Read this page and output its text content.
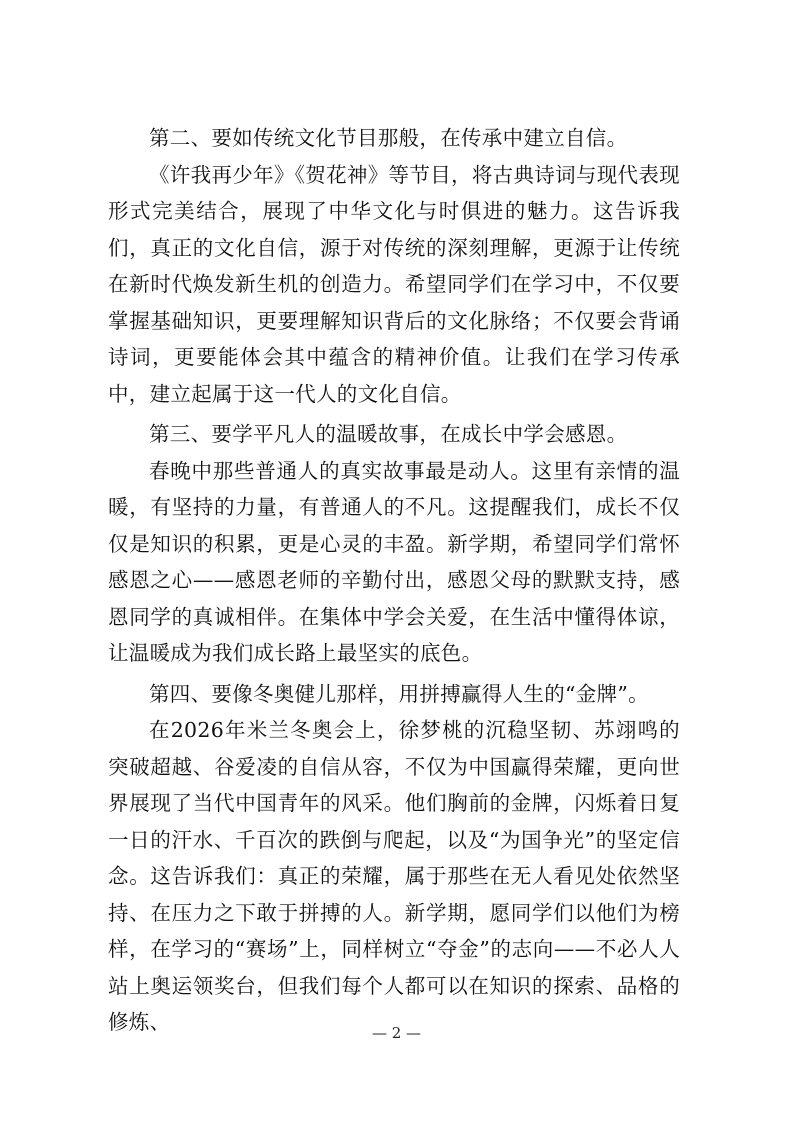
第二、要如传统文化节目那般，在传承中建立自信。

《许我再少年》《贺花神》等节目，将古典诗词与现代表现形式完美结合，展现了中华文化与时俱进的魅力。这告诉我们，真正的文化自信，源于对传统的深刻理解，更源于让传统在新时代焕发新生机的创造力。希望同学们在学习中，不仅要掌握基础知识，更要理解知识背后的文化脉络；不仅要会背诵诗词，更要能体会其中蕴含的精神价值。让我们在学习传承中，建立起属于这一代人的文化自信。

第三、要学平凡人的温暖故事，在成长中学会感恩。

春晚中那些普通人的真实故事最是动人。这里有亲情的温暖，有坚持的力量，有普通人的不凡。这提醒我们，成长不仅仅是知识的积累，更是心灵的丰盈。新学期，希望同学们常怀感恩之心——感恩老师的辛勤付出，感恩父母的默默支持，感恩同学的真诚相伴。在集体中学会关爱，在生活中懂得体谅，让温暖成为我们成长路上最坚实的底色。

第四、要像冬奥健儿那样，用拼搏赢得人生的“金牌”。

在2026年米兰冬奥会上，徐梦桃的沉稳坚韧、苏翊鸣的突破超越、谷爱凌的自信从容，不仅为中国赢得荣耀，更向世界展现了当代中国青年的风采。他们胸前的金牌，闪烁着日复一日的汗水、千百次的跌倒与爬起，以及“为国争光”的坚定信念。这告诉我们：真正的荣耀，属于那些在无人看见处依然坚持、在压力之下敢于拼搏的人。新学期，愿同学们以他们为榜样，在学习的“赛场”上，同样树立“夺金”的志向——不必人人站上奥运领奖台，但我们每个人都可以在知识的探索、品格的修炼、	— 2 —
